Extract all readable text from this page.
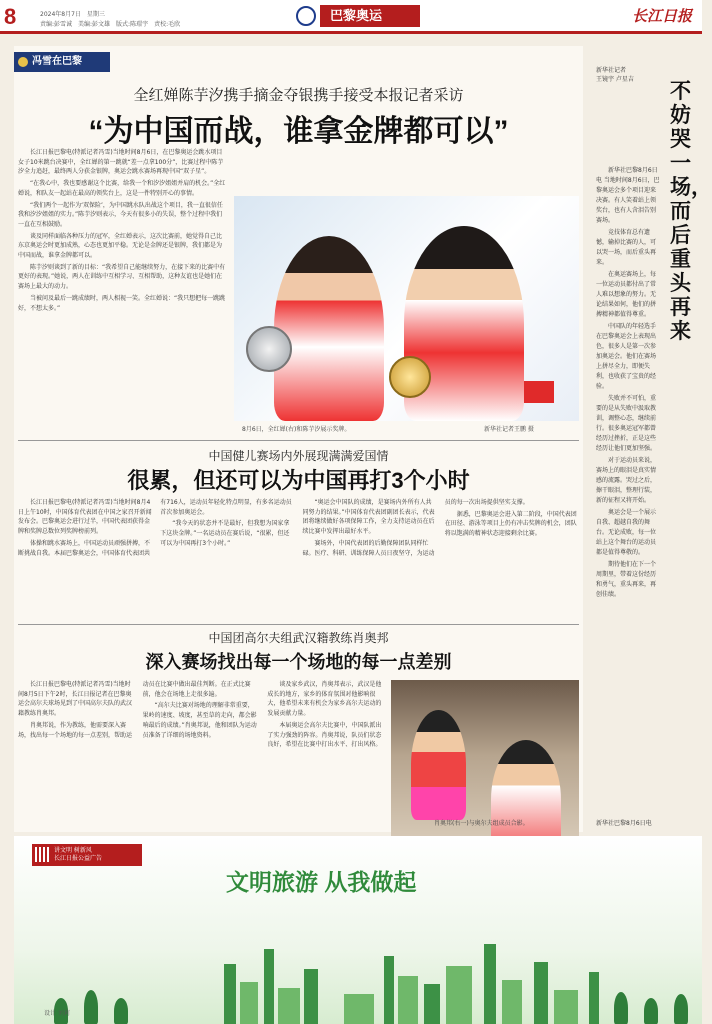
8	2024年8月7日　星期三
责编:彭雪诚　美编:彭文雄　版式:陈璟宇　责校:毛欣
巴黎奥运	长江日报
冯雪在巴黎
全红婵陈芋汐携手摘金夺银携手接受本报记者采访
“为中国而战，谁拿金牌都可以”

长江日报巴黎电(特派记者冯雪)当地时间8月6日，在巴黎奥运会跳水项目女子10米跳台决赛中，全红婵的第一跳就“差一点拿100分”，比赛过程中陈芋汐全力追赶，最终两人分获金银牌，奥运会跳水赛场再现中国“双子星”。

“在我心中，我也要感谢这个比赛，给我一个和汐汐姐姐并肩的机会。”全红婵说，和队友一起站在最高的领奖台上，这是一件特别开心的事情。

“我们两个一起作为‘双保险’，为中国跳水队出战这个项目，我一直很信任我和汐汐姐姐的实力。”陈芋汐则表示，今天有很多小的失误，整个过程中我们一直在互相鼓励。

谈及同样面临各种压力的冠军，全红婵表示，这次比赛前，她觉得自己比东京奥运会时更加成熟，心态也更加平稳。无论是金牌还是银牌，我们都是为中国而战，谁拿金牌都可以。

陈芋汐则谈到了新的目标：“我希望自己能继续努力，在接下来的比赛中有更好的表现。”她说，两人在训练中互相学习、互相帮助，这种友谊也是她们在赛场上最大的动力。

当被问及最后一跳成绩时，两人相视一笑。全红婵说：“我只想把每一跳跳好，不想太多。”

8月6日，全红婵(右)和陈芋汐展示奖牌。	新华社记者王鹏 摄
中国健儿赛场内外展现满满爱国情
很累，但还可以为中国再打3个小时

长江日报巴黎电(特派记者冯雪)当地时间8月4日上午10时，中国体育代表团在中国之家召开新闻发布会。巴黎奥运会进行过半，中国代表团获得金牌和奖牌总数位列奖牌榜前列。

体操和跳水赛场上，中国运动员顽强拼搏，不断挑战自我。本届巴黎奥运会，中国体育代表团共有716人，运动员年轻化特点明显，有多名运动员首次参加奥运会。

“我今天的状态并不是最好，但我想为国家拿下这块金牌。”一名运动员在赛后说，“很累，但还可以为中国再打3个小时。”

“奥运会中国队的成绩，是赛场内外所有人共同努力的结果。”中国体育代表团副团长表示，代表团将继续做好各项保障工作，全力支持运动员在后续比赛中发挥出最好水平。

赛场外，中国代表团的后勤保障团队同样忙碌。医疗、科研、训练保障人员日夜坚守，为运动员的每一次出场提供坚实支撑。

据悉，巴黎奥运会进入第二阶段，中国代表团在田径、游泳等项目上仍有冲击奖牌的机会，团队将以饱满的精神状态迎接剩余比赛。

中国团高尔夫组武汉籍教练肖奥邦
深入赛场找出每一个场地的每一点差别

长江日报巴黎电(特派记者冯雪)当地时间8月5日下午2时，长江日报记者在巴黎奥运会高尔夫球场见到了中国高尔夫队的武汉籍教练肖奥邦。

肖奥邦说，作为教练，他需要深入赛场，找出每一个场地的每一点差别，帮助运动员在比赛中做出最佳判断。在正式比赛前，他会在场地上走很多遍。

“高尔夫比赛对场地的理解非常重要，果岭的速度、坡度，甚至草的走向，都会影响最后的成绩。”肖奥邦说，他和团队为运动员准备了详细的场地资料。

谈及家乡武汉，肖奥邦表示，武汉是他成长的地方，家乡的体育氛围对他影响很大，他希望未来有机会为家乡高尔夫运动的发展贡献力量。

本届奥运会高尔夫比赛中，中国队派出了实力强劲的阵容。肖奥邦说，队员们状态良好，希望在比赛中打出水平、打出风格。

肖奥邦(右一)与奥尔夫组成员合影。
新华社记者
王镜宇 卢星吉
不妨哭一场，而后重头再来

新华社巴黎8月6日电 当地时间8月6日，巴黎奥运会多个项目迎来决赛。有人笑着站上领奖台，也有人含泪告别赛场。

竞技体育总有遗憾，输掉比赛的人，可以哭一场，而后重头再来。

在奥运赛场上，每一位运动员都付出了常人难以想象的努力。无论结果如何，他们的拼搏精神都值得尊重。

中国队的年轻选手在巴黎奥运会上表现出色，很多人是第一次参加奥运会。他们在赛场上拼尽全力，即便失利，也收获了宝贵的经验。

失败并不可怕，重要的是从失败中汲取教训，调整心态，继续前行。很多奥运冠军都曾经历过挫折，正是这些经历让他们更加坚强。

对于运动员来说，赛场上的眼泪是真实情感的流露。哭过之后，擦干眼泪，整理行装，新的征程又将开始。

奥运会是一个展示自我、超越自我的舞台。无论成败，每一位站上这个舞台的运动员都是值得尊敬的。

期待他们在下一个周期里，带着这份经历和勇气，重头再来，再创佳绩。

新华社巴黎8月6日电
讲文明 树新风
长江日报公益广告
文明旅游 从我做起
设计 刘莉
